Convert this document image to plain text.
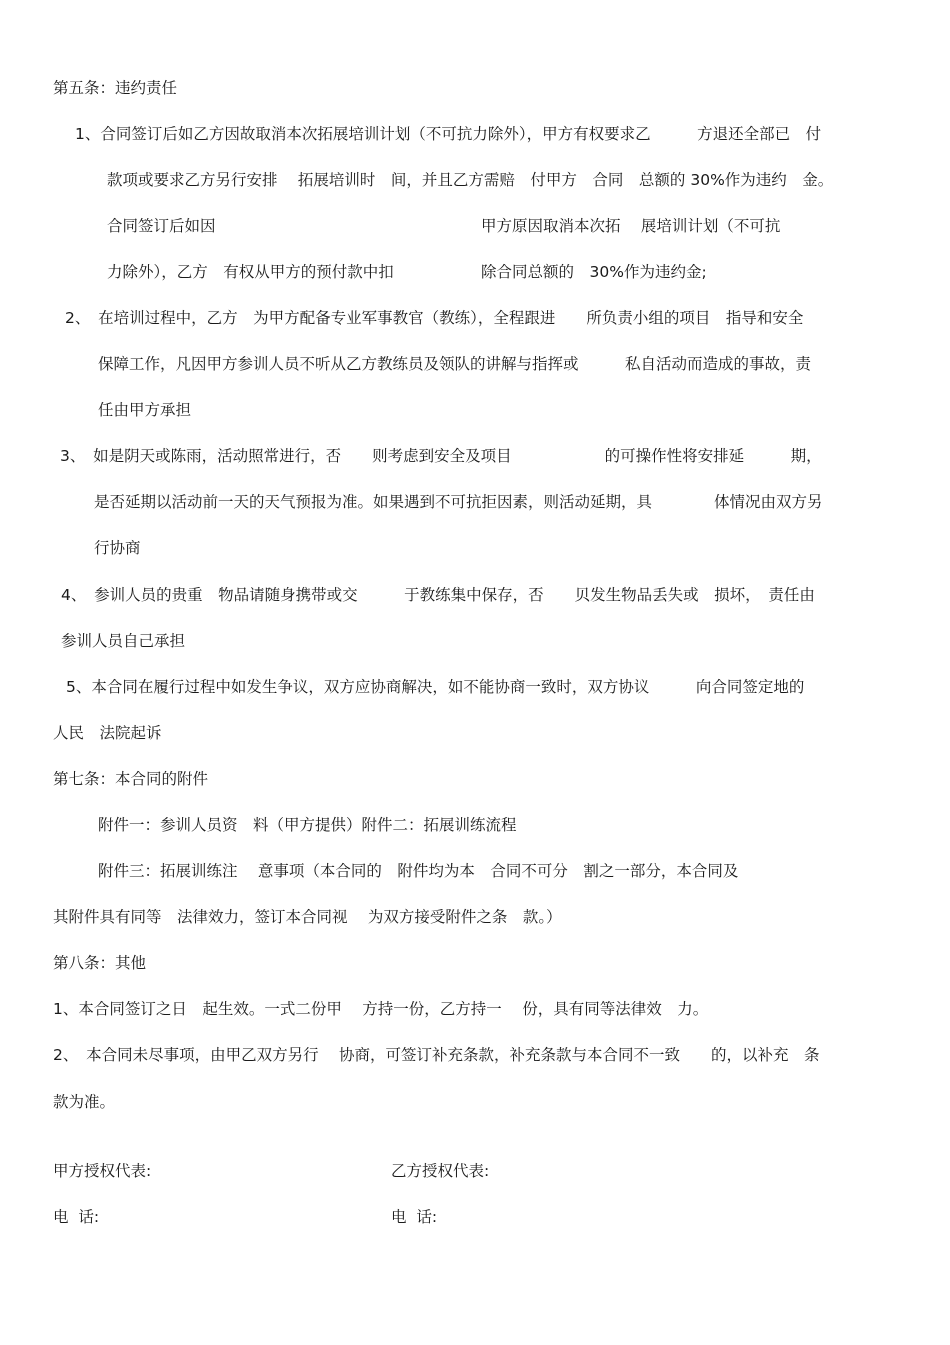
第五条：违约责任
1、合同签订后如乙方因故取消本次拓展培训计划（不可抗力除外），甲方有权要求乙　　　方退还全部已　付
款项或要求乙方另行安排　 拓展培训时　间，并且乙方需赔　付甲方　合同　总额的 30%作为违约　金。
合同签订后如因	甲方原因取消本次拓　 展培训计划（不可抗
力除外），乙方　有权从甲方的预付款中扣	除合同总额的　30%作为违约金;
2、　在培训过程中，乙方　为甲方配备专业军事教官（教练），全程跟进　　所负责小组的项目　指导和安全
保障工作，凡因甲方参训人员不听从乙方教练员及领队的讲解与指挥或　　　私自活动而造成的事故，责
任由甲方承担
3、　如是阴天或陈雨，活动照常进行，否　　则考虑到安全及项目　　　　　　的可操作性将安排延　　　期，
是否延期以活动前一天的天气预报为准。如果遇到不可抗拒因素，则活动延期，具　　　　体情况由双方另
行协商
4、　参训人员的贵重　物品请随身携带或交　　　于教练集中保存，否　　贝发生物品丢失或　损坏，　责任由
参训人员自己承担
5、本合同在履行过程中如发生争议，双方应协商解决，如不能协商一致时，双方协议　　　向合同签定地的
人民　法院起诉
第七条：本合同的附件
附件一：参训人员资　料（甲方提供）附件二：拓展训练流程
附件三：拓展训练注　 意事项（本合同的　附件均为本　合同不可分　割之一部分，本合同及
其附件具有同等　法律效力，签订本合同视　 为双方接受附件之条　款。）
第八条：其他
1、本合同签订之日　起生效。一式二份甲　 方持一份，乙方持一　 份，具有同等法律效　力。
2、　本合同未尽事项，由甲乙双方另行　 协商，可签订补充条款，补充条款与本合同不一致　　的，以补充　条
款为准。
甲方授权代表:	乙方授权代表:
电  话:	电  话:
